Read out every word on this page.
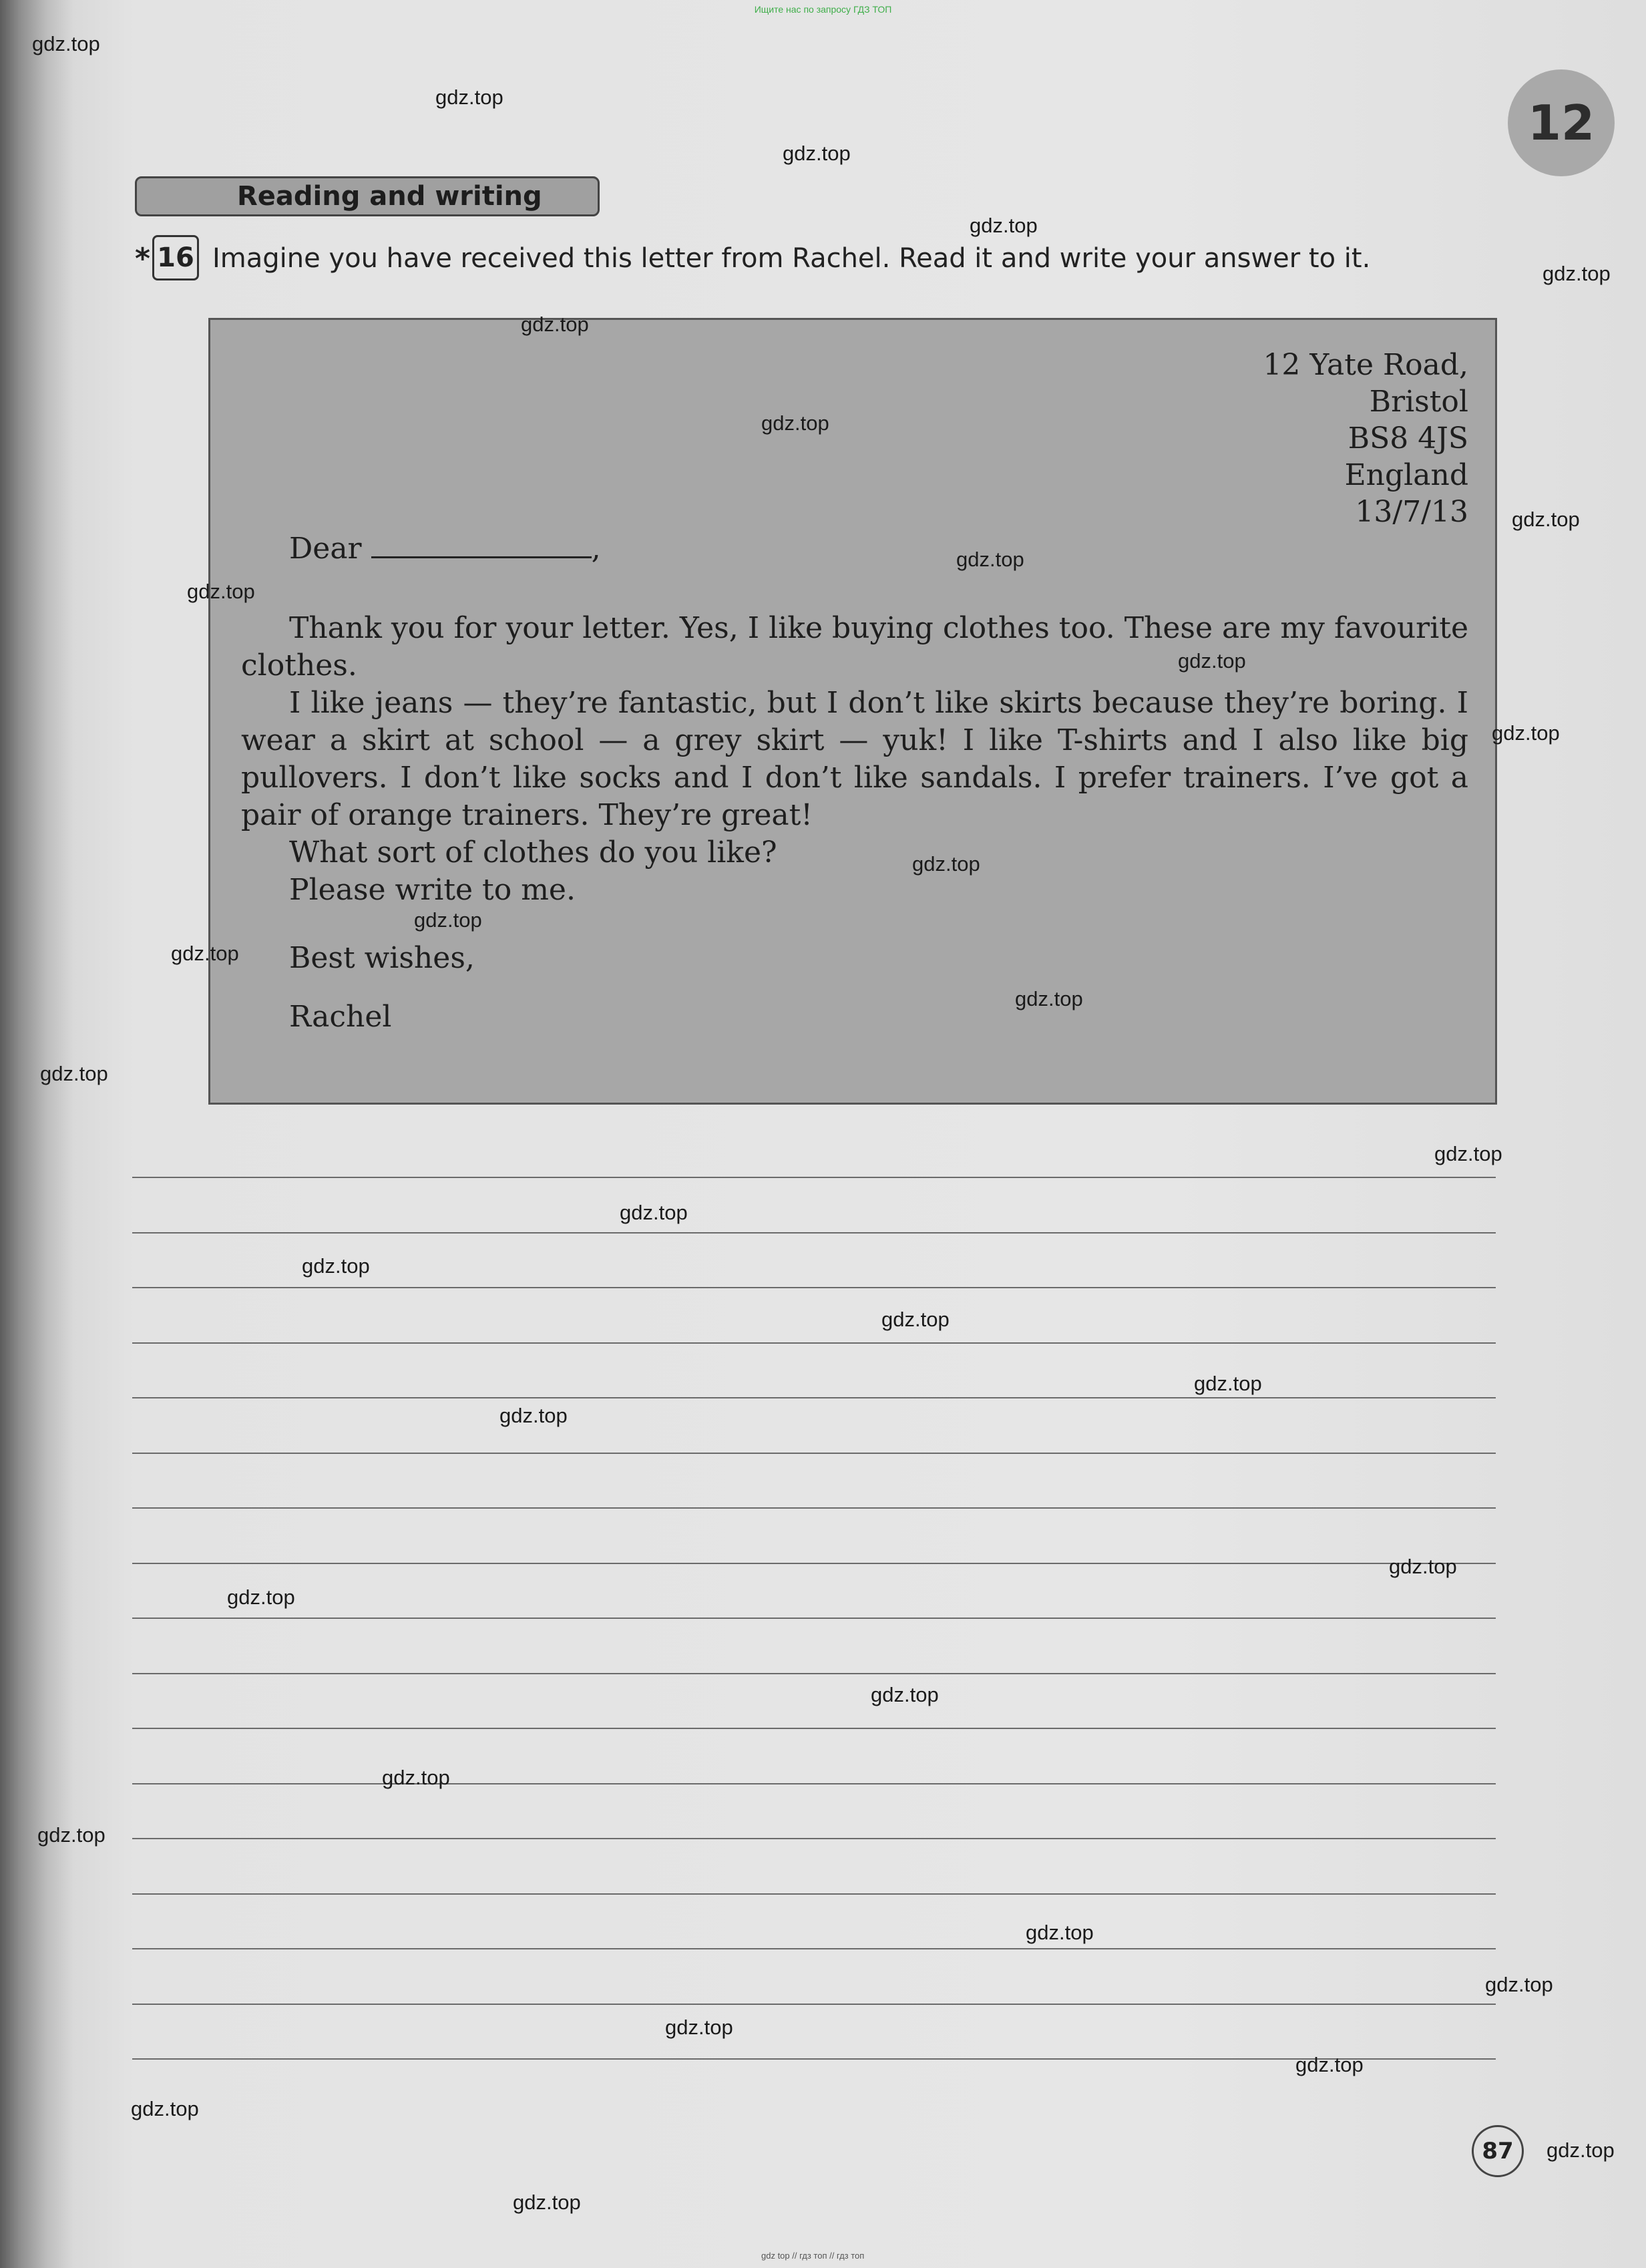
Ищите нас по запросу ГДЗ ТОП
12
Reading and writing
* 16 Imagine you have received this letter from Rachel. Read it and write your answer to it.
12 Yate Road,
Bristol
BS8 4JS
England
13/7/13
Dear	,

Thank you for your letter. Yes, I like buying clothes too. These are my favourite clothes.

I like jeans — they’re fantastic, but I don’t like skirts because they’re boring. I wear a skirt at school — a grey skirt — yuk! I like T-shirts and I also like big pullovers. I don’t like socks and I don’t like sandals. I prefer trainers. I’ve got a pair of orange trainers. They’re great!

What sort of clothes do you like?

Please write to me.

Best wishes,
Rachel
87
gdz.top
gdz.top
gdz.top
gdz.top
gdz.top
gdz.top
gdz.top
gdz.top
gdz.top
gdz.top
gdz.top
gdz.top
gdz.top
gdz.top
gdz.top
gdz.top
gdz.top
gdz.top
gdz.top
gdz.top
gdz.top
gdz.top
gdz.top
gdz.top
gdz.top
gdz.top
gdz.top
gdz.top
gdz.top
gdz.top
gdz.top
gdz.top
gdz.top
gdz.top
gdz.top
gdz top // гдз топ // гдз топ
